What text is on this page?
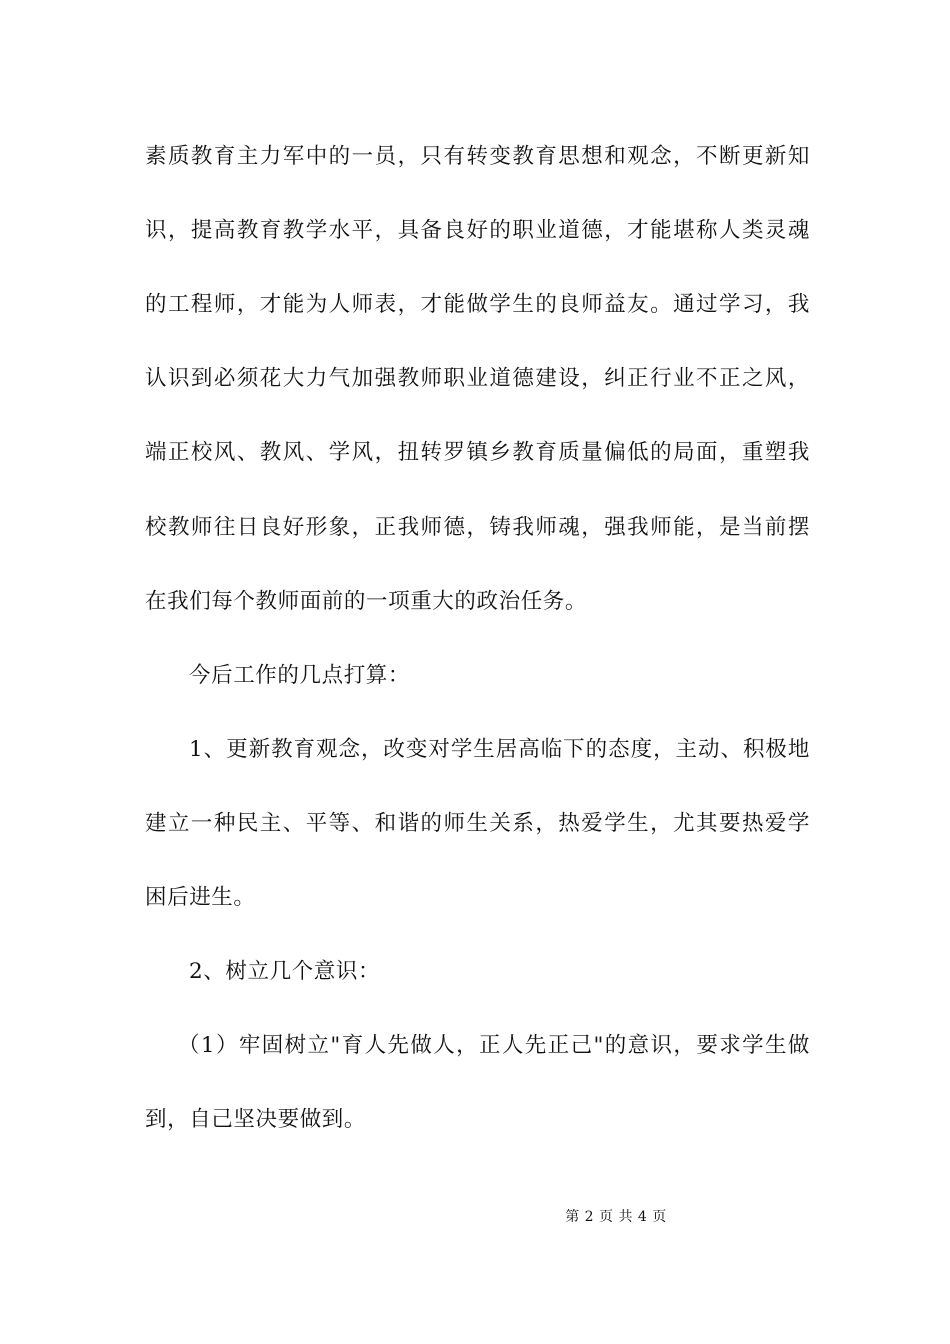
素质教育主力军中的一员，只有转变教育思想和观念，不断更新知
识，提高教育教学水平，具备良好的职业道德，才能堪称人类灵魂
的工程师，才能为人师表，才能做学生的良师益友。通过学习，我
认识到必须花大力气加强教师职业道德建设，纠正行业不正之风，
端正校风、教风、学风，扭转罗镇乡教育质量偏低的局面，重塑我
校教师往日良好形象，正我师德，铸我师魂，强我师能，是当前摆
在我们每个教师面前的一项重大的政治任务。
今后工作的几点打算：
1、更新教育观念，改变对学生居高临下的态度，主动、积极地
建立一种民主、平等、和谐的师生关系，热爱学生，尤其要热爱学
困后进生。
2、树立几个意识：
（1）牢固树立"育人先做人，正人先正己"的意识，要求学生做
到，自己坚决要做到。
第 2 页 共 4 页
